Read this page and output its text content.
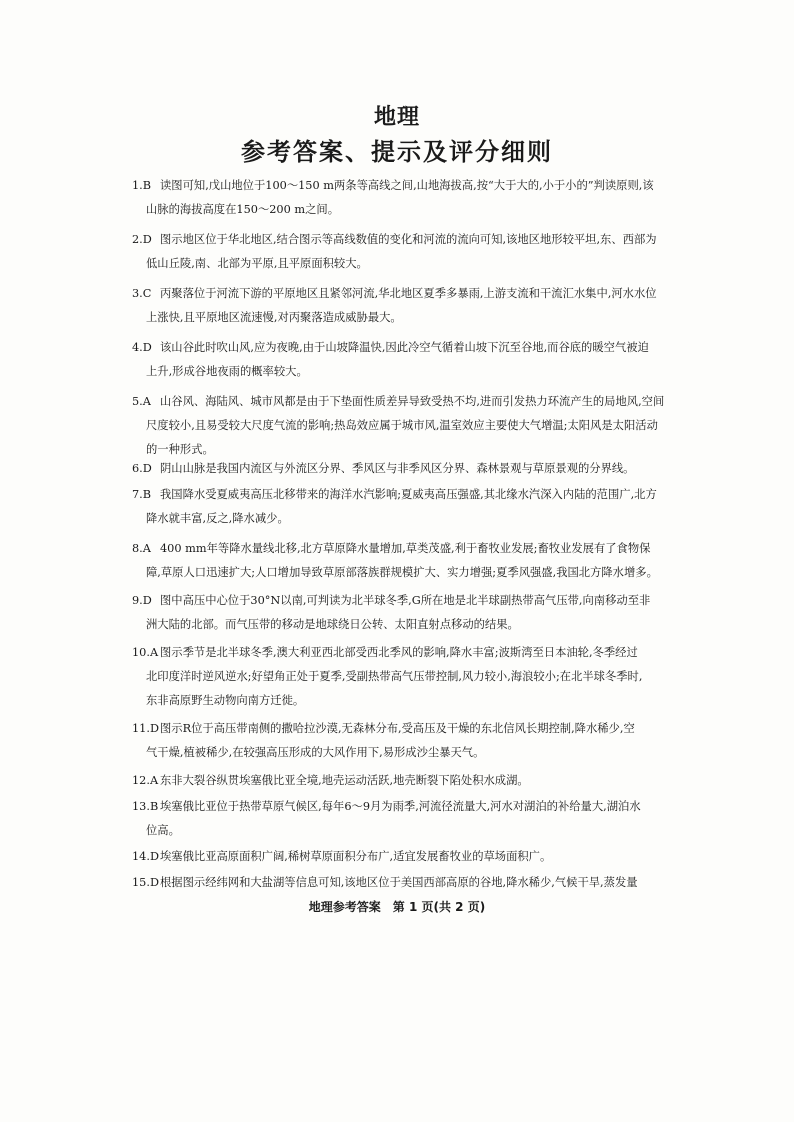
地理
参考答案、提示及评分细则
1.B 读图可知,戊山地位于100～150 m两条等高线之间,山地海拔高,按“大于大的,小于小的”判读原则,该
山脉的海拔高度在150～200 m之间。
2.D 图示地区位于华北地区,结合图示等高线数值的变化和河流的流向可知,该地区地形较平坦,东、西部为
低山丘陵,南、北部为平原,且平原面积较大。
3.C 丙聚落位于河流下游的平原地区且紧邻河流,华北地区夏季多暴雨,上游支流和干流汇水集中,河水水位
上涨快,且平原地区流速慢,对丙聚落造成威胁最大。
4.D 该山谷此时吹山风,应为夜晚,由于山坡降温快,因此冷空气循着山坡下沉至谷地,而谷底的暖空气被迫
上升,形成谷地夜雨的概率较大。
5.A 山谷风、海陆风、城市风都是由于下垫面性质差异导致受热不均,进而引发热力环流产生的局地风,空间
尺度较小,且易受较大尺度气流的影响;热岛效应属于城市风,温室效应主要使大气增温;太阳风是太阳活动
的一种形式。
6.D 阴山山脉是我国内流区与外流区分界、季风区与非季风区分界、森林景观与草原景观的分界线。
7.B 我国降水受夏威夷高压北移带来的海洋水汽影响;夏威夷高压强盛,其北缘水汽深入内陆的范围广,北方
降水就丰富,反之,降水减少。
8.A 400 mm年等降水量线北移,北方草原降水量增加,草类茂盛,利于畜牧业发展;畜牧业发展有了食物保
障,草原人口迅速扩大;人口增加导致草原部落族群规模扩大、实力增强;夏季风强盛,我国北方降水增多。
9.D 图中高压中心位于30°N以南,可判读为北半球冬季,G所在地是北半球副热带高气压带,向南移动至非
洲大陆的北部。而气压带的移动是地球绕日公转、太阳直射点移动的结果。
10.A 图示季节是北半球冬季,澳大利亚西北部受西北季风的影响,降水丰富;波斯湾至日本油轮,冬季经过
北印度洋时逆风逆水;好望角正处于夏季,受副热带高气压带控制,风力较小,海浪较小;在北半球冬季时,
东非高原野生动物向南方迁徙。
11.D图示R位于高压带南侧的撒哈拉沙漠,无森林分布,受高压及干燥的东北信风长期控制,降水稀少,空
气干燥,植被稀少,在较强高压形成的大风作用下,易形成沙尘暴天气。
12.A 东非大裂谷纵贯埃塞俄比亚全境,地壳运动活跃,地壳断裂下陷处积水成湖。
13.B 埃塞俄比亚位于热带草原气候区,每年6～9月为雨季,河流径流量大,河水对湖泊的补给量大,湖泊水
位高。
14.D埃塞俄比亚高原面积广阔,稀树草原面积分布广,适宜发展畜牧业的草场面积广。
15.D根据图示经纬网和大盐湖等信息可知,该地区位于美国西部高原的谷地,降水稀少,气候干旱,蒸发量
地理参考答案　第 1 页(共 2 页)
